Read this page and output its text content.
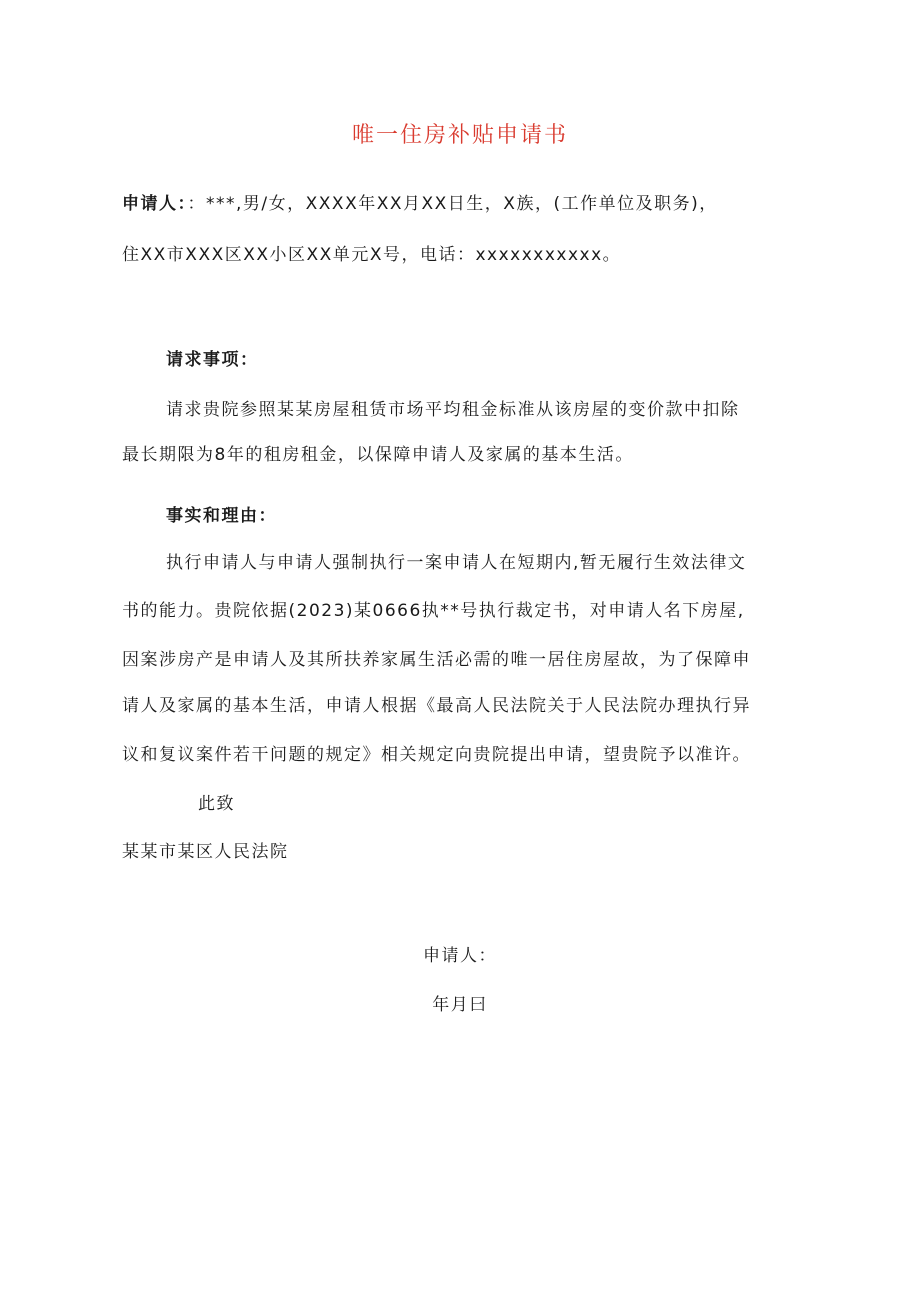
唯一住房补贴申请书
申请人：：***,男/女，XXXX年XX月XX日生，X族，(工作单位及职务)，
住XX市XXX区XX小区XX单元X号，电话：xxxxxxxxxxx。
请求事项：
请求贵院参照某某房屋租赁市场平均租金标准从该房屋的变价款中扣除
最长期限为8年的租房租金，以保障申请人及家属的基本生活。
事实和理由：
执行申请人与申请人强制执行一案申请人在短期内,暂无履行生效法律文
书的能力。贵院依据(2023)某0666执**号执行裁定书，对申请人名下房屋,
因案涉房产是申请人及其所扶养家属生活必需的唯一居住房屋故，为了保障申
请人及家属的基本生活，申请人根据《最高人民法院关于人民法院办理执行异
议和复议案件若干问题的规定》相关规定向贵院提出申请，望贵院予以准许。
此致
某某市某区人民法院
申请人：
年月曰
